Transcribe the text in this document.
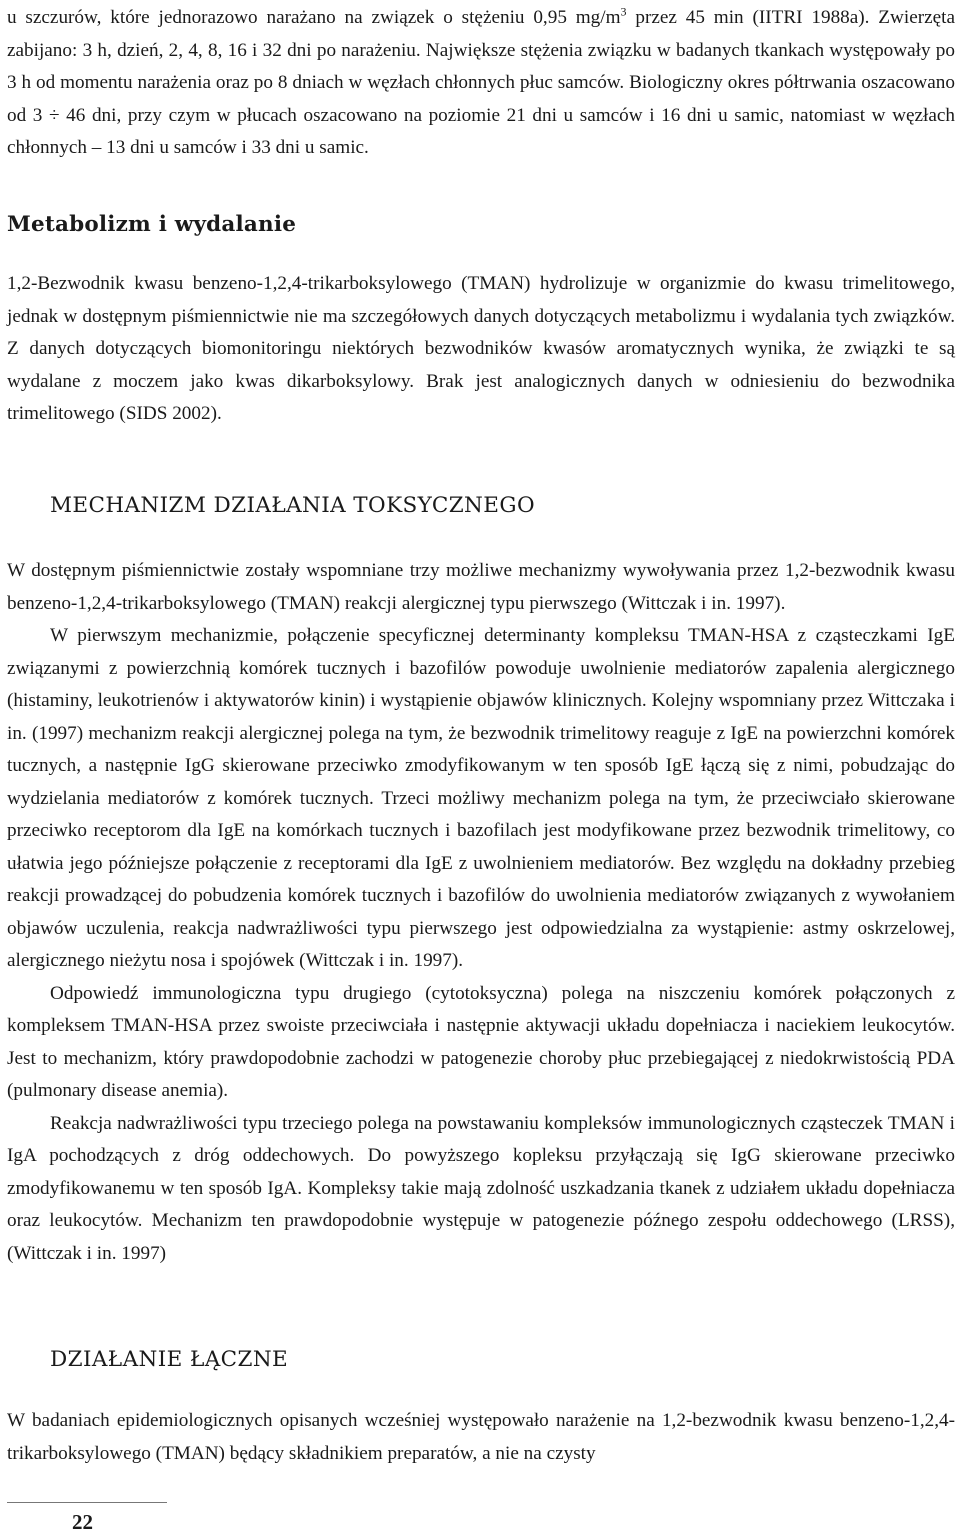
u szczurów, które jednorazowo narażano na związek o stężeniu 0,95 $mg/m^3$ przez 45 min (IITRI 1988a). Zwierzęta zabijano: 3 h, dzień, 2, 4, 8, 16 i 32 dni po narażeniu. Największe stężenia związku w badanych tkankach występowały po 3 h od momentu narażenia oraz po 8 dniach w węzłach chłonnych płuc samców. Biologiczny okres półtrwania oszacowano od 3 ÷ 46 dni, przy czym w płucach oszacowano na poziomie 21 dni u samców i 16 dni u samic, natomiast w węzłach chłonnych – 13 dni u samców i 33 dni u samic.

Metabolizm i wydalanie

1,2-Bezwodnik kwasu benzeno-1,2,4-trikarboksylowego (TMAN) hydrolizuje w organizmie do kwasu trimelitowego, jednak w dostępnym piśmiennictwie nie ma szczegółowych danych dotyczących metabolizmu i wydalania tych związków. Z danych dotyczących biomonitoringu niektórych bezwodników kwasów aromatycznych wynika, że związki te są wydalane z moczem jako kwas dikarboksylowy. Brak jest analogicznych danych w odniesieniu do bezwodnika trimelitowego (SIDS 2002).

MECHANIZM DZIAŁANIA TOKSYCZNEGO

W dostępnym piśmiennictwie zostały wspomniane trzy możliwe mechanizmy wywoływania przez 1,2-bezwodnik kwasu benzeno-1,2,4-trikarboksylowego (TMAN) reakcji alergicznej typu pierwszego (Wittczak i in. 1997).

W pierwszym mechanizmie, połączenie specyficznej determinanty kompleksu TMAN-HSA z cząsteczkami IgE związanymi z powierzchnią komórek tucznych i bazofilów powoduje uwolnienie mediatorów zapalenia alergicznego (histaminy, leukotrienów i aktywatorów kinin) i wystąpienie objawów klinicznych. Kolejny wspomniany przez Wittczaka i in. (1997) mechanizm reakcji alergicznej polega na tym, że bezwodnik trimelitowy reaguje z IgE na powierzchni komórek tucznych, a następnie IgG skierowane przeciwko zmodyfikowanym w ten sposób IgE łączą się z nimi, pobudzając do wydzielania mediatorów z komórek tucznych. Trzeci możliwy mechanizm polega na tym, że przeciwciało skierowane przeciwko receptorom dla IgE na komórkach tucznych i bazofilach jest modyfikowane przez bezwodnik trimelitowy, co ułatwia jego późniejsze połączenie z receptorami dla IgE z uwolnieniem mediatorów. Bez względu na dokładny przebieg reakcji prowadzącej do pobudzenia komórek tucznych i bazofilów do uwolnienia mediatorów związanych z wywołaniem objawów uczulenia, reakcja nadwrażliwości typu pierwszego jest odpowiedzialna za wystąpienie: astmy oskrzelowej, alergicznego nieżytu nosa i spojówek (Wittczak i in. 1997).

Odpowiedź immunologiczna typu drugiego (cytotoksyczna) polega na niszczeniu komórek połączonych z kompleksem TMAN-HSA przez swoiste przeciwciała i następnie aktywacji układu dopełniacza i naciekiem leukocytów. Jest to mechanizm, który prawdopodobnie zachodzi w patogenezie choroby płuc przebiegającej z niedokrwistością PDA (pulmonary disease anemia).

Reakcja nadwrażliwości typu trzeciego polega na powstawaniu kompleksów immunologicznych cząsteczek TMAN i IgA pochodzących z dróg oddechowych. Do powyższego kopleksu przyłączają się IgG skierowane przeciwko zmodyfikowanemu w ten sposób IgA. Kompleksy takie mają zdolność uszkadzania tkanek z udziałem układu dopełniacza oraz leukocytów. Mechanizm ten prawdopodobnie występuje w patogenezie późnego zespołu oddechowego (LRSS), (Wittczak i in. 1997)

DZIAŁANIE ŁĄCZNE

W badaniach epidemiologicznych opisanych wcześniej występowało narażenie na 1,2-bezwodnik kwasu benzeno-1,2,4-trikarboksylowego (TMAN) będący składnikiem preparatów, a nie na czysty

22
